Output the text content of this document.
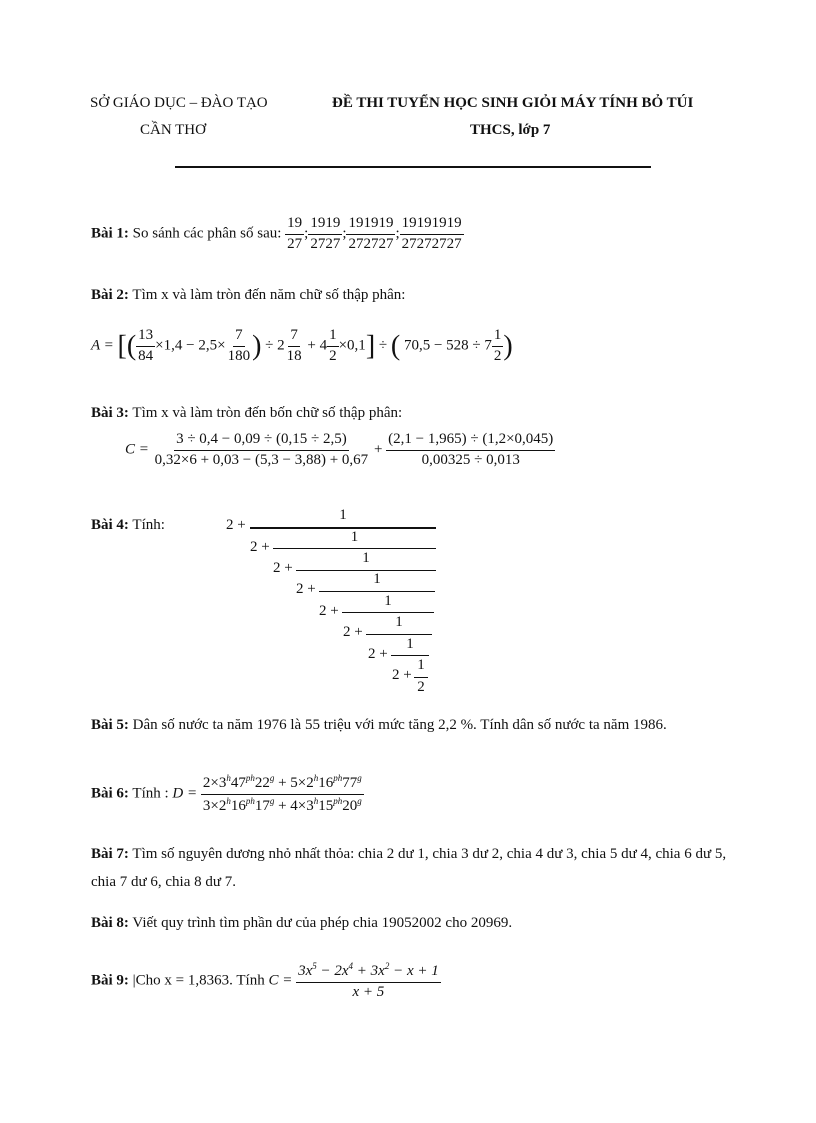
SỞ GIÁO DỤC – ĐÀO TẠO
CẦN THƠ
ĐỀ THI TUYỂN HỌC SINH GIỎI MÁY TÍNH BỎ TÚI
THCS, lớp 7
Bài 1: So sánh các phân số sau: $\frac{19}{27}$ ; $\frac{1919}{2727}$ ; $\frac{191919}{272727}$ ; $\frac{19191919}{27272727}$
Bài 2: Tìm x và làm tròn đến năm chữ số thập phân:
A = [( $\frac{13}{84} \times 1,4 - 2,5\times \frac{7}{180}$ ) ÷ $2 \frac{7}{18} + 4 \frac{1}{2} \times 0,1$] ÷ ( $70,5 - 528 \div 7 \frac{1}{2}$ )
Bài 3: Tìm x và làm tròn đến bốn chữ số thập phân:
$C = \frac{3 \div 0,4 - 0,09 \div (0,15 \div 2,5)}{0,32\times 6 + 0,03 - (5,3 - 3,88) + 0,67} + \frac{(2,1 - 1,965) \div (1,2\times 0,045)}{0,00325 \div 0,013}$
Bài 4: Tính:	2 +
1
2 +
1
2 +
1
2 +
1
2 +
1
2 +
1
2 +
1
2 +
1
2
Bài 5: Dân số nước ta năm 1976 là 55 triệu với mức tăng 2,2 %. Tính dân số nước ta năm 1986.
Bài 6: Tính : $D = \frac{2\times 3^h47^{ph}22^g + 5\times 2^h16^{ph}77^g}{3\times 2^h16^{ph}17^g + 4\times 3^h15^{ph}20^g}$
Bài 7: Tìm số nguyên dương nhỏ nhất thỏa: chia 2 dư 1, chia 3 dư 2, chia 4 dư 3, chia 5 dư 4, chia 6 dư 5, chia 7 dư 6, chia 8 dư 7.
Bài 8: Viết quy trình tìm phần dư của phép chia 19052002 cho 20969.
Bài 9: |Cho x = 1,8363. Tính $C = \frac{3x^5 - 2x^4 + 3x^2 - x + 1}{x + 5}$
